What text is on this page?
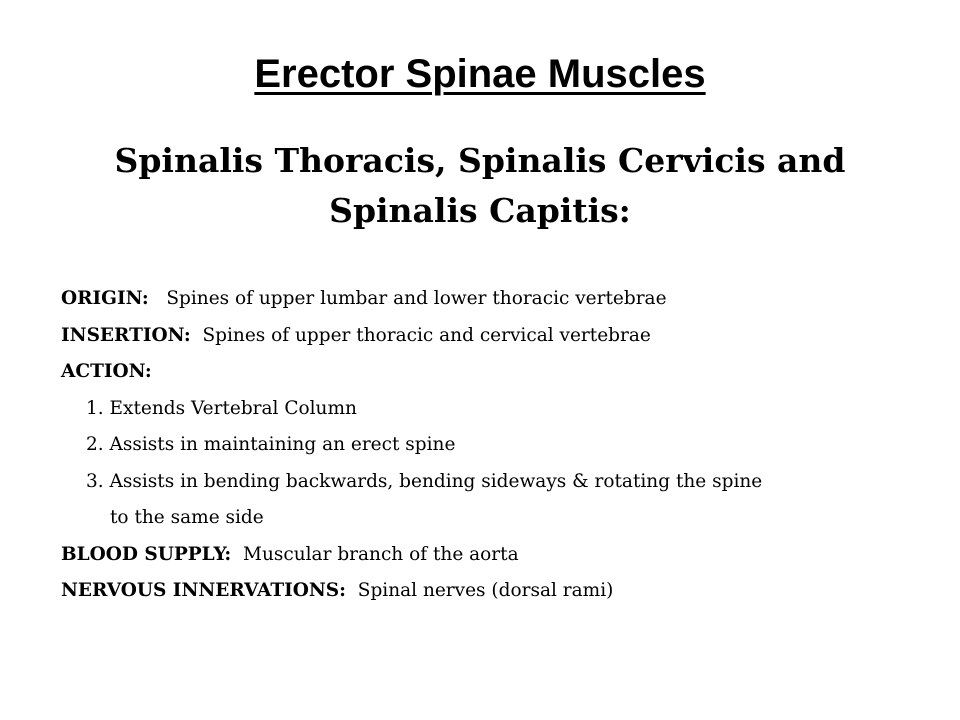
Erector Spinae Muscles
Spinalis Thoracis, Spinalis Cervicis and Spinalis Capitis:
ORIGIN: Spines of upper lumbar and lower thoracic vertebrae
INSERTION: Spines of upper thoracic and cervical vertebrae
ACTION:
1. Extends Vertebral Column
2. Assists in maintaining an erect spine
3. Assists in bending backwards, bending sideways & rotating the spine
to the same side
BLOOD SUPPLY: Muscular branch of the aorta
NERVOUS INNERVATIONS: Spinal nerves (dorsal rami)
